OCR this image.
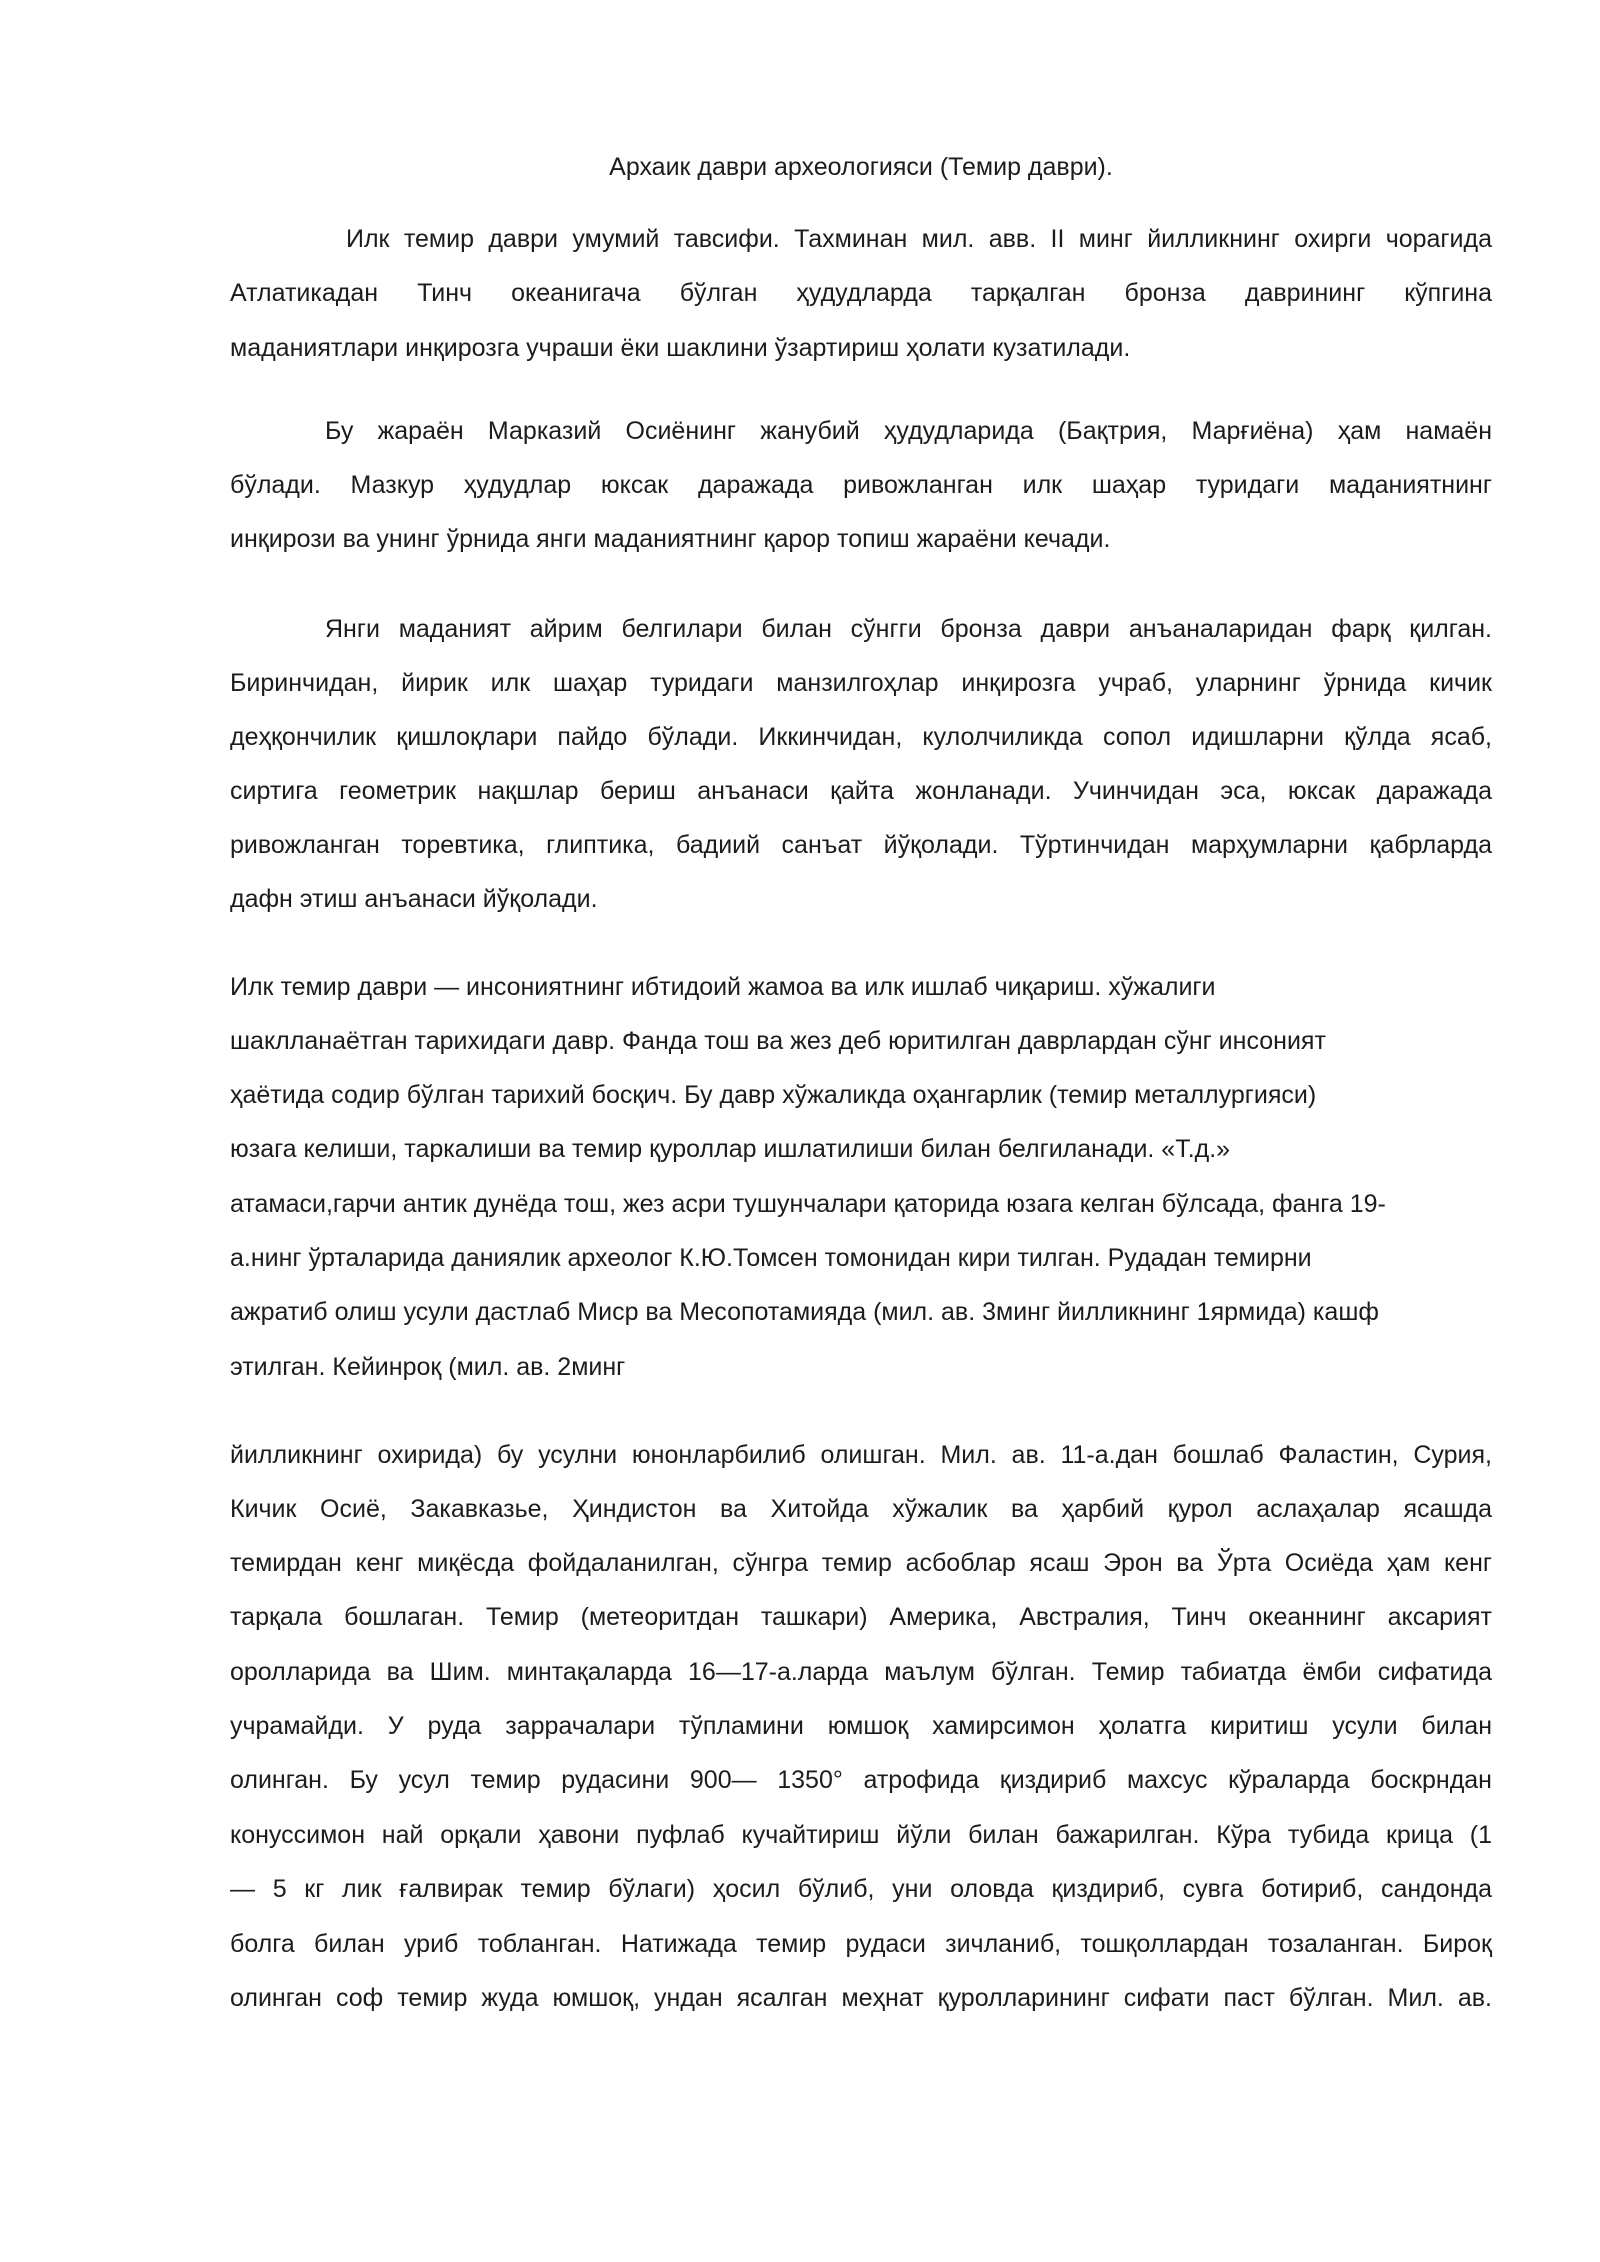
Архаик даври археологияси (Темир даври).
Илк темир даври умумий тавсифи. Тахминан мил. авв. II минг йилликнинг охирги чорагида
Атлатикадан Тинч океанигача бўлган ҳудудларда тарқалган бронза даврининг кўпгина
маданиятлари инқирозга учраши ёки шаклини ўзартириш ҳолати кузатилади.
Бу жараён Марказий Осиёнинг жанубий ҳудудларида (Бақтрия, Марғиёна) ҳам намаён
бўлади. Мазкур ҳудудлар юксак даражада ривожланган илк шаҳар туридаги маданиятнинг
инқирози ва унинг ўрнида янги маданиятнинг қарор топиш жараёни кечади.
Янги маданият айрим белгилари билан сўнгги бронза даври анъаналаридан фарқ қилган.
Биринчидан, йирик илк шаҳар туридаги манзилгоҳлар инқирозга учраб, уларнинг ўрнида кичик
деҳқончилик қишлоқлари пайдо бўлади. Иккинчидан, кулолчиликда сопол идишларни қўлда ясаб,
сиртига геометрик нақшлар бериш анъанаси қайта жонланади. Учинчидан эса, юксак даражада
ривожланган торевтика, глиптика, бадиий санъат йўқолади. Тўртинчидан марҳумларни қабрларда
дафн этиш анъанаси йўқолади.
Илк темир даври — инсониятнинг ибтидоий жамоа ва илк ишлаб чиқариш. хўжалиги
шаклланаётган тарихидаги давр. Фанда тош ва жез деб юритилган даврлардан сўнг инсоният
ҳаётида содир бўлган тарихий босқич. Бу давр хўжаликда оҳангарлик (темир металлургияси)
юзага келиши, таркалиши ва темир қуроллар ишлатилиши билан белгиланади. «Т.д.»
атамаси,гарчи антик дунёда тош, жез асри тушунчалари қаторида юзага келган бўлсада, фанга 19-
а.нинг ўрталарида даниялик археолог К.Ю.Томсен томонидан кири тилган. Рудадан темирни
ажратиб олиш усули дастлаб Миср ва Месопотамияда (мил. ав. 3минг йилликнинг 1ярмида) кашф
этилган. Кейинроқ (мил. ав. 2минг
йилликнинг охирида) бу усулни юнонларбилиб олишган. Мил. ав. 11-а.дан бошлаб Фаластин, Сурия,
Кичик Осиё, Закавказье, Ҳиндистон ва Хитойда хўжалик ва ҳарбий қурол аслаҳалар ясашда
темирдан кенг миқёсда фойдаланилган, сўнгра темир асбоблар ясаш Эрон ва Ўрта Осиёда ҳам кенг
тарқала бошлаган. Темир (метеоритдан ташкари) Америка, Австралия, Тинч океаннинг аксарият
оролларида ва Шим. минтақаларда 16—17-а.ларда маълум бўлган. Темир табиатда ёмби сифатида
учрамайди. У руда заррачалари тўпламини юмшоқ хамирсимон ҳолатга киритиш усули билан
олинган. Бу усул темир рудасини 900— 1350° атрофида қиздириб махсус кўраларда боскрндан
конуссимон най орқали ҳавони пуфлаб кучайтириш йўли билан бажарилган. Кўра тубида крица (1
— 5 кг лик ғалвирак темир бўлаги) ҳосил бўлиб, уни оловда қиздириб, сувга ботириб, сандонда
болга билан уриб тобланган. Натижада темир рудаси зичланиб, тошқоллардан тозаланган. Бироқ
олинган соф темир жуда юмшоқ, ундан ясалган меҳнат қуролларининг сифати паст бўлган. Мил. ав.
